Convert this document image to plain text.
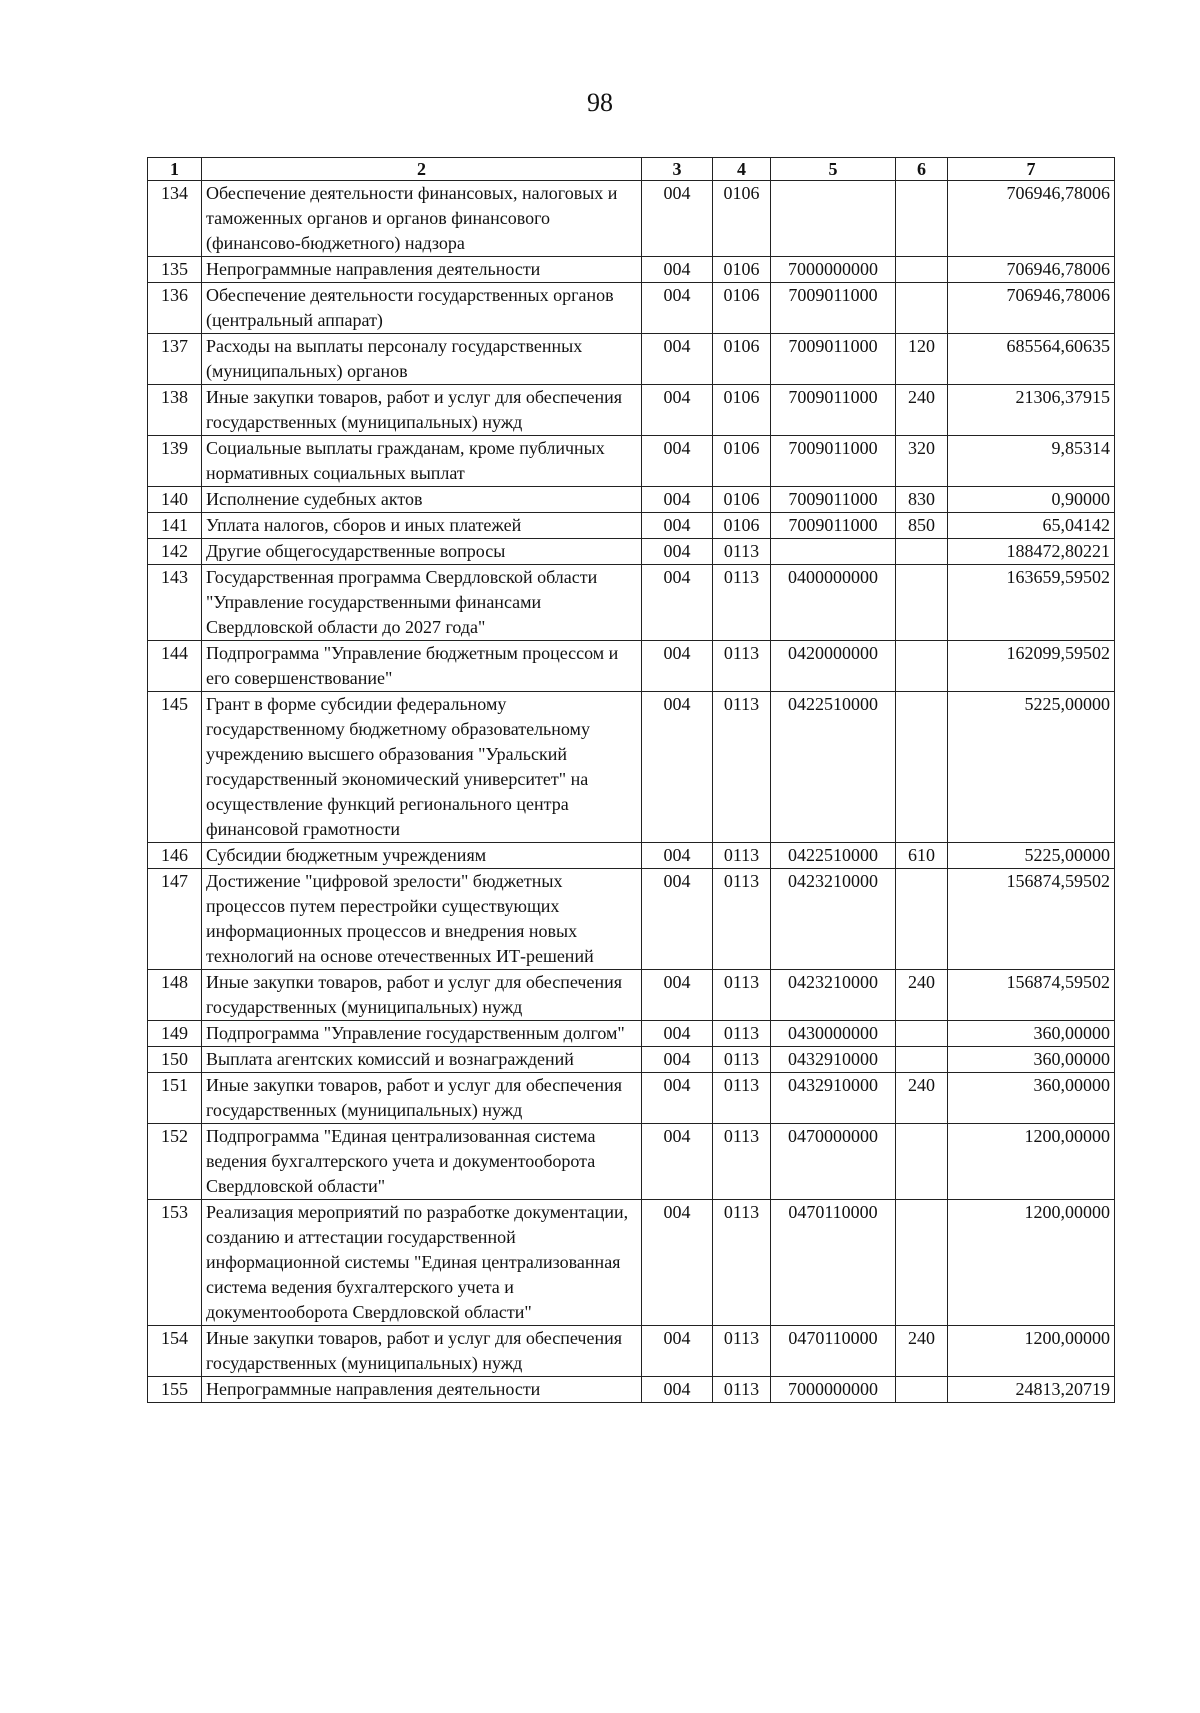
98
1	2	3	4	5	6	7
134	Обеспечение деятельности финансовых, налоговых и таможенных органов и органов финансового (финансово-бюджетного) надзора	004	0106			706946,78006
135	Непрограммные направления деятельности	004	0106	7000000000		706946,78006
136	Обеспечение деятельности государственных органов (центральный аппарат)	004	0106	7009011000		706946,78006
137	Расходы на выплаты персоналу государственных (муниципальных) органов	004	0106	7009011000	120	685564,60635
138	Иные закупки товаров, работ и услуг для обеспечения государственных (муниципальных) нужд	004	0106	7009011000	240	21306,37915
139	Социальные выплаты гражданам, кроме публичных нормативных социальных выплат	004	0106	7009011000	320	9,85314
140	Исполнение судебных актов	004	0106	7009011000	830	0,90000
141	Уплата налогов, сборов и иных платежей	004	0106	7009011000	850	65,04142
142	Другие общегосударственные вопросы	004	0113			188472,80221
143	Государственная программа Свердловской области "Управление государственными финансами Свердловской области до 2027 года"	004	0113	0400000000		163659,59502
144	Подпрограмма "Управление бюджетным процессом и его совершенствование"	004	0113	0420000000		162099,59502
145	Грант в форме субсидии федеральному государственному бюджетному образовательному учреждению высшего образования "Уральский государственный экономический университет" на осуществление функций регионального центра финансовой грамотности	004	0113	0422510000		5225,00000
146	Субсидии бюджетным учреждениям	004	0113	0422510000	610	5225,00000
147	Достижение "цифровой зрелости" бюджетных процессов путем перестройки существующих информационных процессов и внедрения новых технологий на основе отечественных ИТ-решений	004	0113	0423210000		156874,59502
148	Иные закупки товаров, работ и услуг для обеспечения государственных (муниципальных) нужд	004	0113	0423210000	240	156874,59502
149	Подпрограмма "Управление государственным долгом"	004	0113	0430000000		360,00000
150	Выплата агентских комиссий и вознаграждений	004	0113	0432910000		360,00000
151	Иные закупки товаров, работ и услуг для обеспечения государственных (муниципальных) нужд	004	0113	0432910000	240	360,00000
152	Подпрограмма "Единая централизованная система ведения бухгалтерского учета и документооборота Свердловской области"	004	0113	0470000000		1200,00000
153	Реализация мероприятий по разработке документации, созданию и аттестации государственной информационной системы "Единая централизованная система ведения бухгалтерского учета и документооборота Свердловской области"	004	0113	0470110000		1200,00000
154	Иные закупки товаров, работ и услуг для обеспечения государственных (муниципальных) нужд	004	0113	0470110000	240	1200,00000
155	Непрограммные направления деятельности	004	0113	7000000000		24813,20719
